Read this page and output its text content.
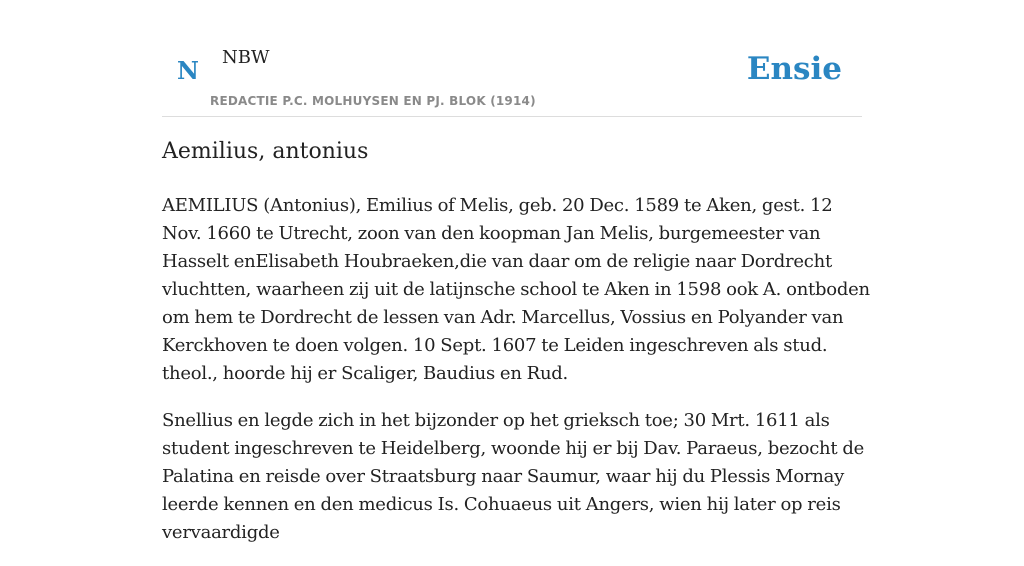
N NBW
REDACTIE P.C. MOLHUYSEN EN PJ. BLOK (1914)
Ensie
Aemilius, antonius

AEMILIUS (Antonius), Emilius of Melis, geb. 20 Dec. 1589 te Aken, gest. 12 Nov. 1660 te Utrecht, zoon van den koopman Jan Melis, burgemeester van Hasselt enElisabeth Houbraeken,die van daar om de religie naar Dordrecht vluchtten, waarheen zij uit de latijnsche school te Aken in 1598 ook A. ontboden om hem te Dordrecht de lessen van Adr. Marcellus, Vossius en Polyander van Kerckhoven te doen volgen. 10 Sept. 1607 te Leiden ingeschreven als stud. theol., hoorde hij er Scaliger, Baudius en Rud.

Snellius en legde zich in het bijzonder op het grieksch toe; 30 Mrt. 1611 als student ingeschreven te Heidelberg, woonde hij er bij Dav. Paraeus, bezocht de Palatina en reisde over Straatsburg naar Saumur, waar hij du Plessis Mornay leerde kennen en den medicus Is. Cohuaeus uit Angers, wien hij later op reis vervaardigde
